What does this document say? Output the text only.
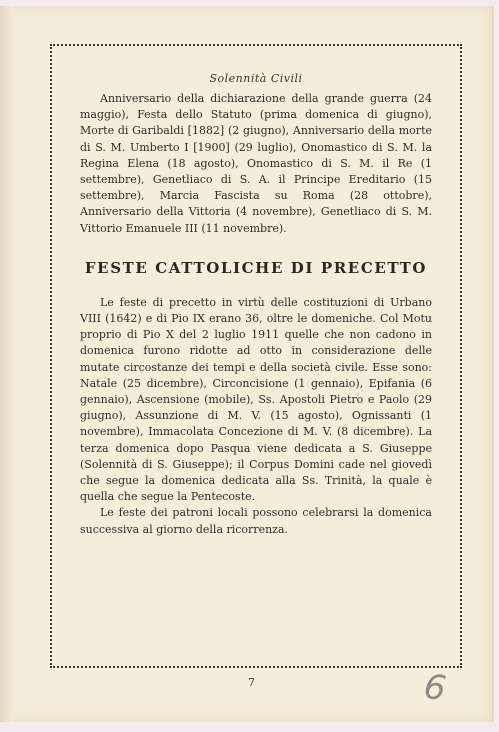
Solennità Civili

Anniversario della dichiarazione della grande guerra (24 maggio), Festa dello Statuto (prima domenica di giugno), Morte di Garibaldi [1882] (2 giugno), Anniversario della morte di S. M. Umberto I [1900] (29 luglio), Onomastico di S. M. la Regina Elena (18 agosto), Onomastico di S. M. il Re (1 settembre), Genetliaco di S. A. il Principe Ereditario (15 settembre), Marcia Fascista su Roma (28 ottobre), Anniversario della Vittoria (4 novembre), Genetliaco di S. M. Vittorio Emanuele III (11 novembre).

FESTE CATTOLICHE DI PRECETTO

Le feste di precetto in virtù delle costituzioni di Urbano VIII (1642) e di Pio IX erano 36, oltre le domeniche. Col Motu proprio di Pio X del 2 luglio 1911 quelle che non cadono in domenica furono ridotte ad otto in considerazione delle mutate circostanze dei tempi e della società civile. Esse sono: Natale (25 dicembre), Circoncisione (1 gennaio), Epifania (6 gennaio), Ascensione (mobile), Ss. Apostoli Pietro e Paolo (29 giugno), Assunzione di M. V. (15 agosto), Ognissanti (1 novembre), Immacolata Concezione di M. V. (8 dicembre). La terza domenica dopo Pasqua viene dedicata a S. Giuseppe (Solennità di S. Giuseppe); il Corpus Domini cade nel giovedì che segue la domenica dedicata alla Ss. Trinità, la quale è quella che segue la Pentecoste.

Le feste dei patroni locali possono celebrarsi la domenica successiva al giorno della ricorrenza.

7	6
